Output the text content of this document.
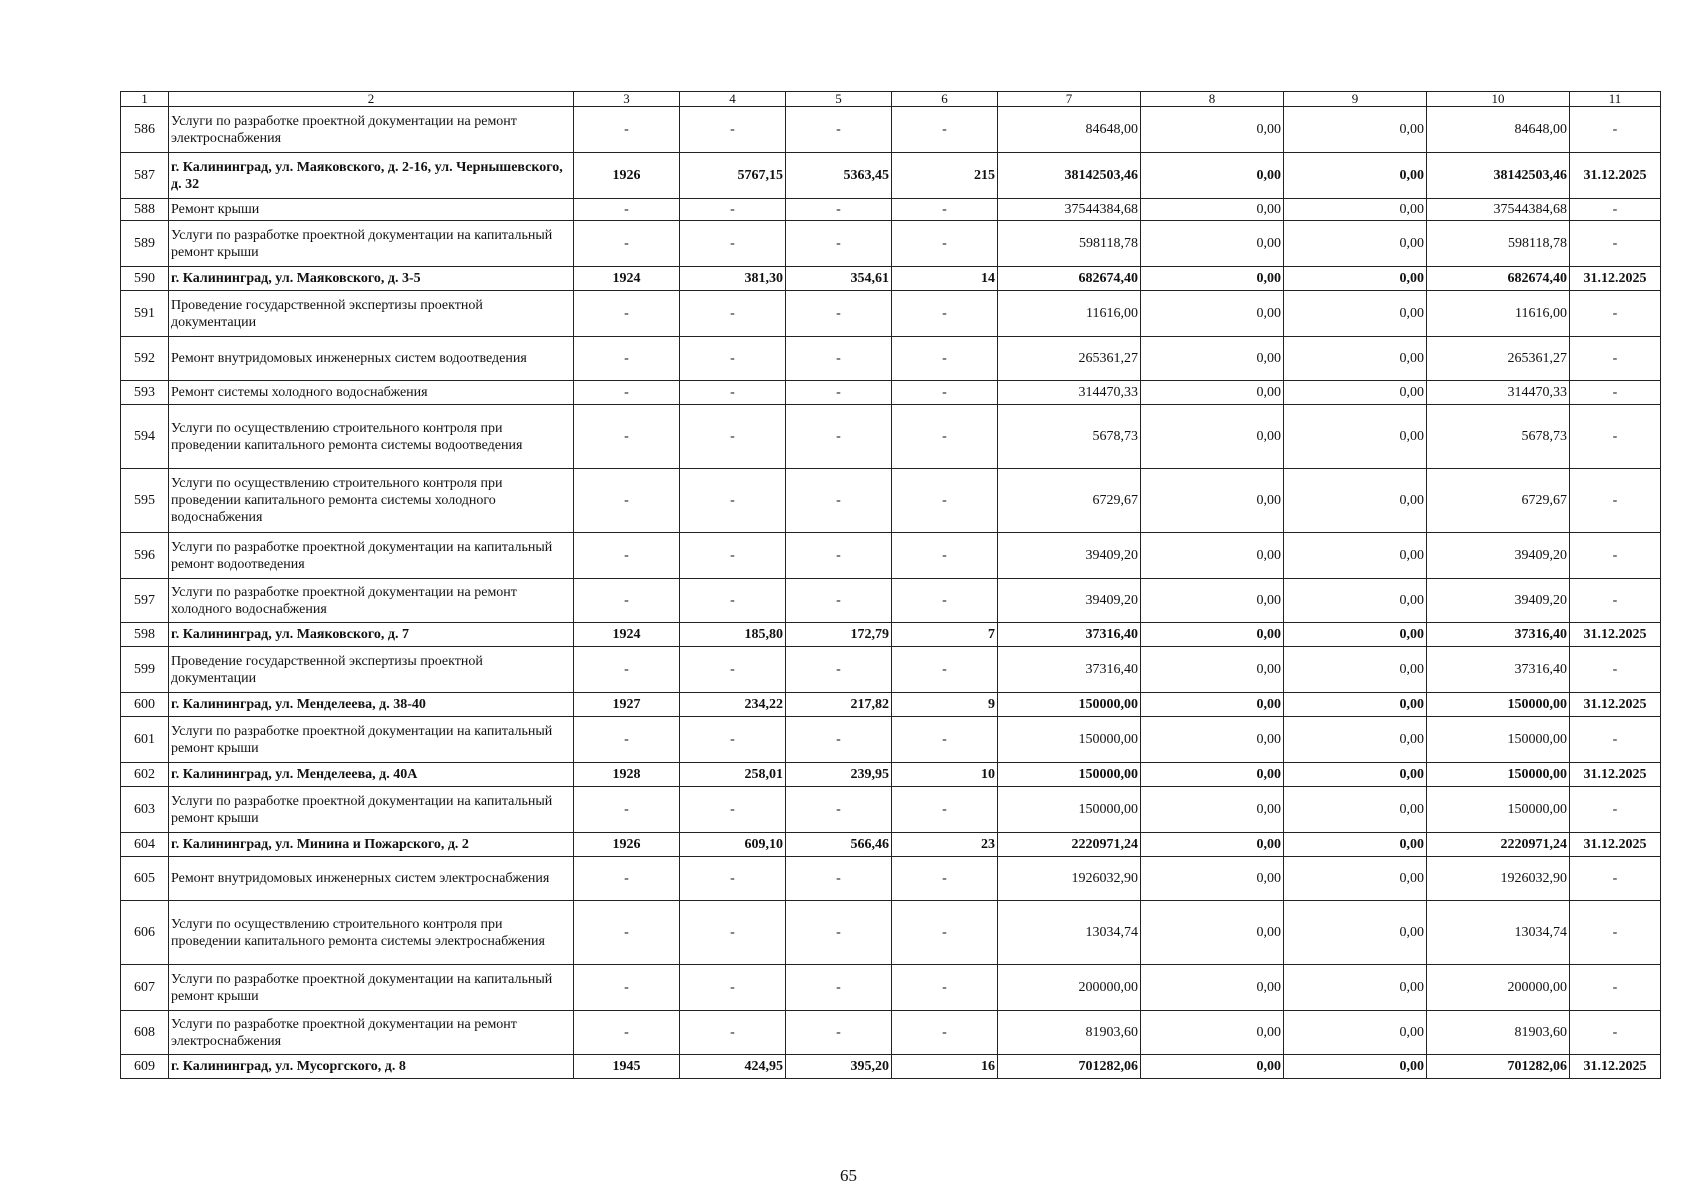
1	2	3	4	5	6	7	8	9	10	11
586	Услуги по разработке проектной документации на ремонт электроснабжения	-	-	-	-	84648,00	0,00	0,00	84648,00	-
587	г. Калининград, ул. Маяковского, д. 2-16, ул. Чернышевского, д. 32	1926	5767,15	5363,45	215	38142503,46	0,00	0,00	38142503,46	31.12.2025
588	Ремонт крыши	-	-	-	-	37544384,68	0,00	0,00	37544384,68	-
589	Услуги по разработке проектной документации на капитальный ремонт крыши	-	-	-	-	598118,78	0,00	0,00	598118,78	-
590	г. Калининград, ул. Маяковского, д. 3-5	1924	381,30	354,61	14	682674,40	0,00	0,00	682674,40	31.12.2025
591	Проведение государственной экспертизы проектной документации	-	-	-	-	11616,00	0,00	0,00	11616,00	-
592	Ремонт внутридомовых инженерных систем водоотведения	-	-	-	-	265361,27	0,00	0,00	265361,27	-
593	Ремонт системы холодного водоснабжения	-	-	-	-	314470,33	0,00	0,00	314470,33	-
594	Услуги по осуществлению строительного контроля при проведении капитального ремонта системы водоотведения	-	-	-	-	5678,73	0,00	0,00	5678,73	-
595	Услуги по осуществлению строительного контроля при проведении капитального ремонта системы холодного водоснабжения	-	-	-	-	6729,67	0,00	0,00	6729,67	-
596	Услуги по разработке проектной документации на капитальный ремонт водоотведения	-	-	-	-	39409,20	0,00	0,00	39409,20	-
597	Услуги по разработке проектной документации на ремонт холодного водоснабжения	-	-	-	-	39409,20	0,00	0,00	39409,20	-
598	г. Калининград, ул. Маяковского, д. 7	1924	185,80	172,79	7	37316,40	0,00	0,00	37316,40	31.12.2025
599	Проведение государственной экспертизы проектной документации	-	-	-	-	37316,40	0,00	0,00	37316,40	-
600	г. Калининград, ул. Менделеева, д. 38-40	1927	234,22	217,82	9	150000,00	0,00	0,00	150000,00	31.12.2025
601	Услуги по разработке проектной документации на капитальный ремонт крыши	-	-	-	-	150000,00	0,00	0,00	150000,00	-
602	г. Калининград, ул. Менделеева, д. 40А	1928	258,01	239,95	10	150000,00	0,00	0,00	150000,00	31.12.2025
603	Услуги по разработке проектной документации на капитальный ремонт крыши	-	-	-	-	150000,00	0,00	0,00	150000,00	-
604	г. Калининград, ул. Минина и Пожарского, д. 2	1926	609,10	566,46	23	2220971,24	0,00	0,00	2220971,24	31.12.2025
605	Ремонт внутридомовых инженерных систем электроснабжения	-	-	-	-	1926032,90	0,00	0,00	1926032,90	-
606	Услуги по осуществлению строительного контроля при проведении капитального ремонта системы электроснабжения	-	-	-	-	13034,74	0,00	0,00	13034,74	-
607	Услуги по разработке проектной документации на капитальный ремонт крыши	-	-	-	-	200000,00	0,00	0,00	200000,00	-
608	Услуги по разработке проектной документации на ремонт электроснабжения	-	-	-	-	81903,60	0,00	0,00	81903,60	-
609	г. Калининград, ул. Мусоргского, д. 8	1945	424,95	395,20	16	701282,06	0,00	0,00	701282,06	31.12.2025
65
